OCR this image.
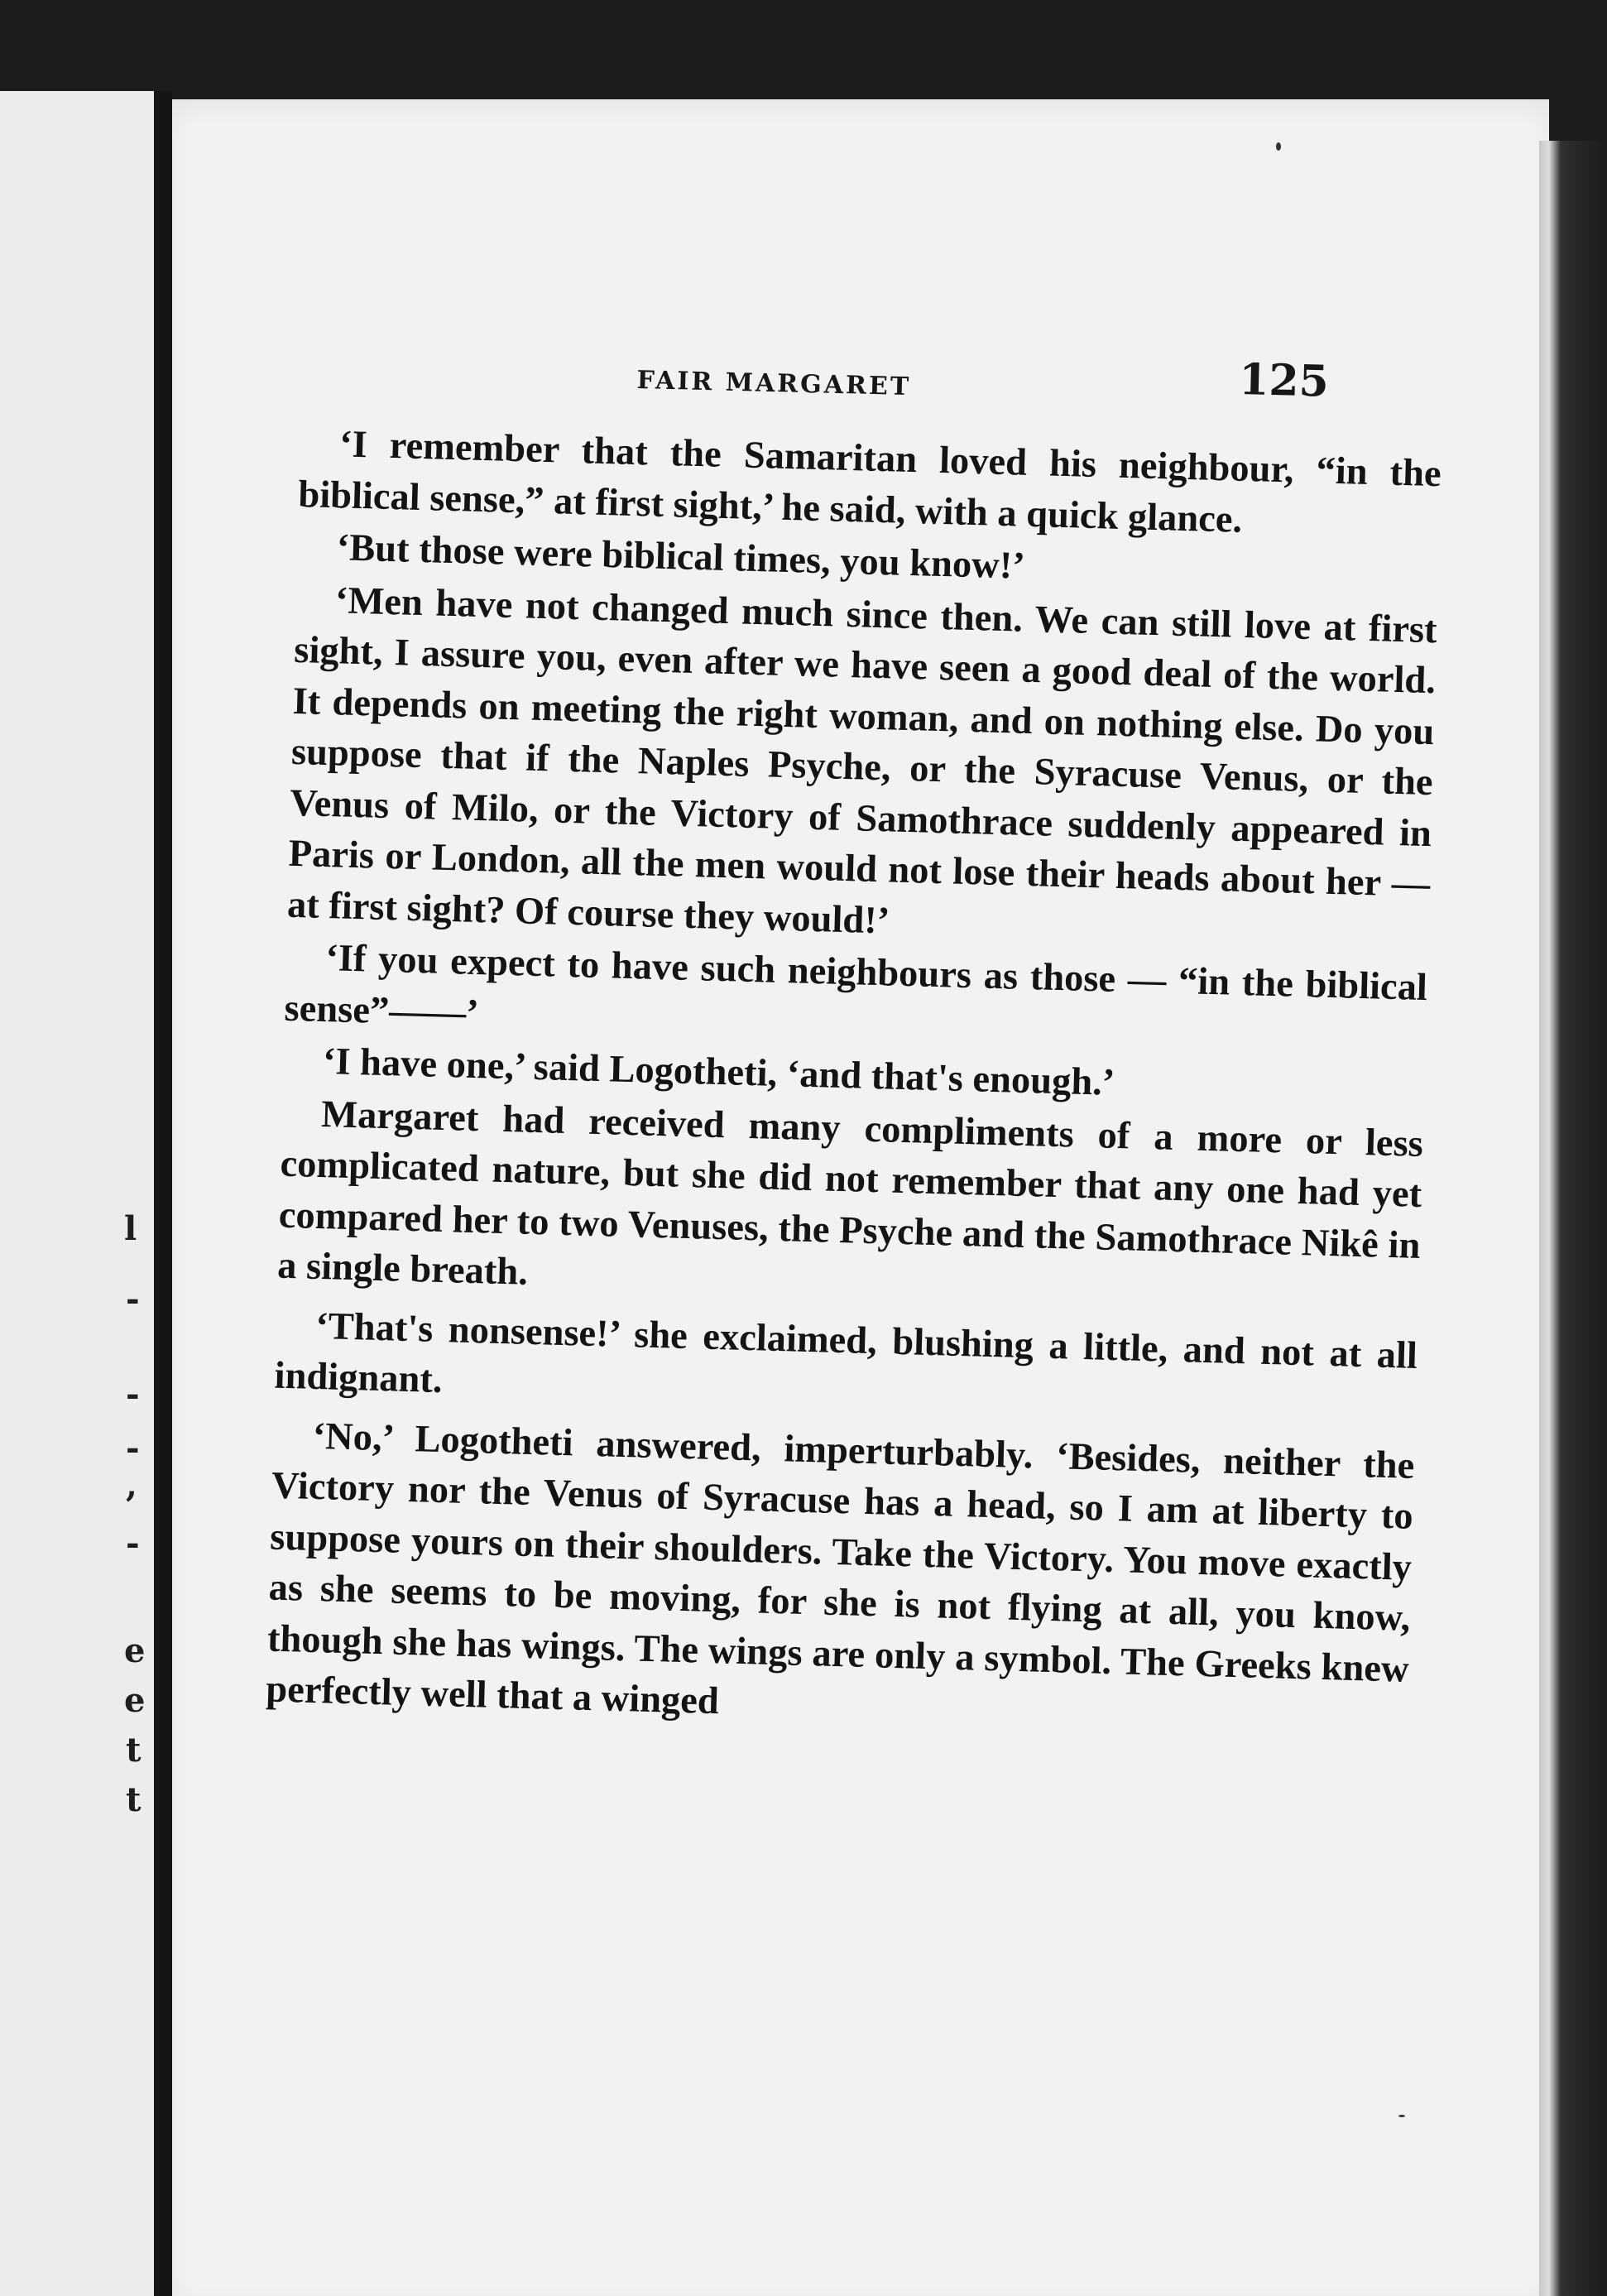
l
-
-
-
,
-
e
e
t
t
FAIR MARGARET	125

‘I remember that the Samaritan loved his neighbour, “in the biblical sense,” at first sight,’ he said, with a quick glance.

‘But those were biblical times, you know!’

‘Men have not changed much since then. We can still love at first sight, I assure you, even after we have seen a good deal of the world. It depends on meeting the right woman, and on nothing else. Do you suppose that if the Naples Psyche, or the Syracuse Venus, or the Venus of Milo, or the Victory of Samothrace suddenly appeared in Paris or London, all the men would not lose their heads about her — at first sight? Of course they would!’

‘If you expect to have such neighbours as those — “in the biblical sense”——’

‘I have one,’ said Logotheti, ‘and that's enough.’

Margaret had received many compliments of a more or less complicated nature, but she did not remember that any one had yet compared her to two Venuses, the Psyche and the Samothrace Nikê in a single breath.

‘That's nonsense!’ she exclaimed, blushing a little, and not at all indignant.

‘No,’ Logotheti answered, imperturbably. ‘Besides, neither the Victory nor the Venus of Syracuse has a head, so I am at liberty to suppose yours on their shoulders. Take the Victory. You move exactly as she seems to be moving, for she is not flying at all, you know, though she has wings. The wings are only a symbol. The Greeks knew perfectly well that a winged
